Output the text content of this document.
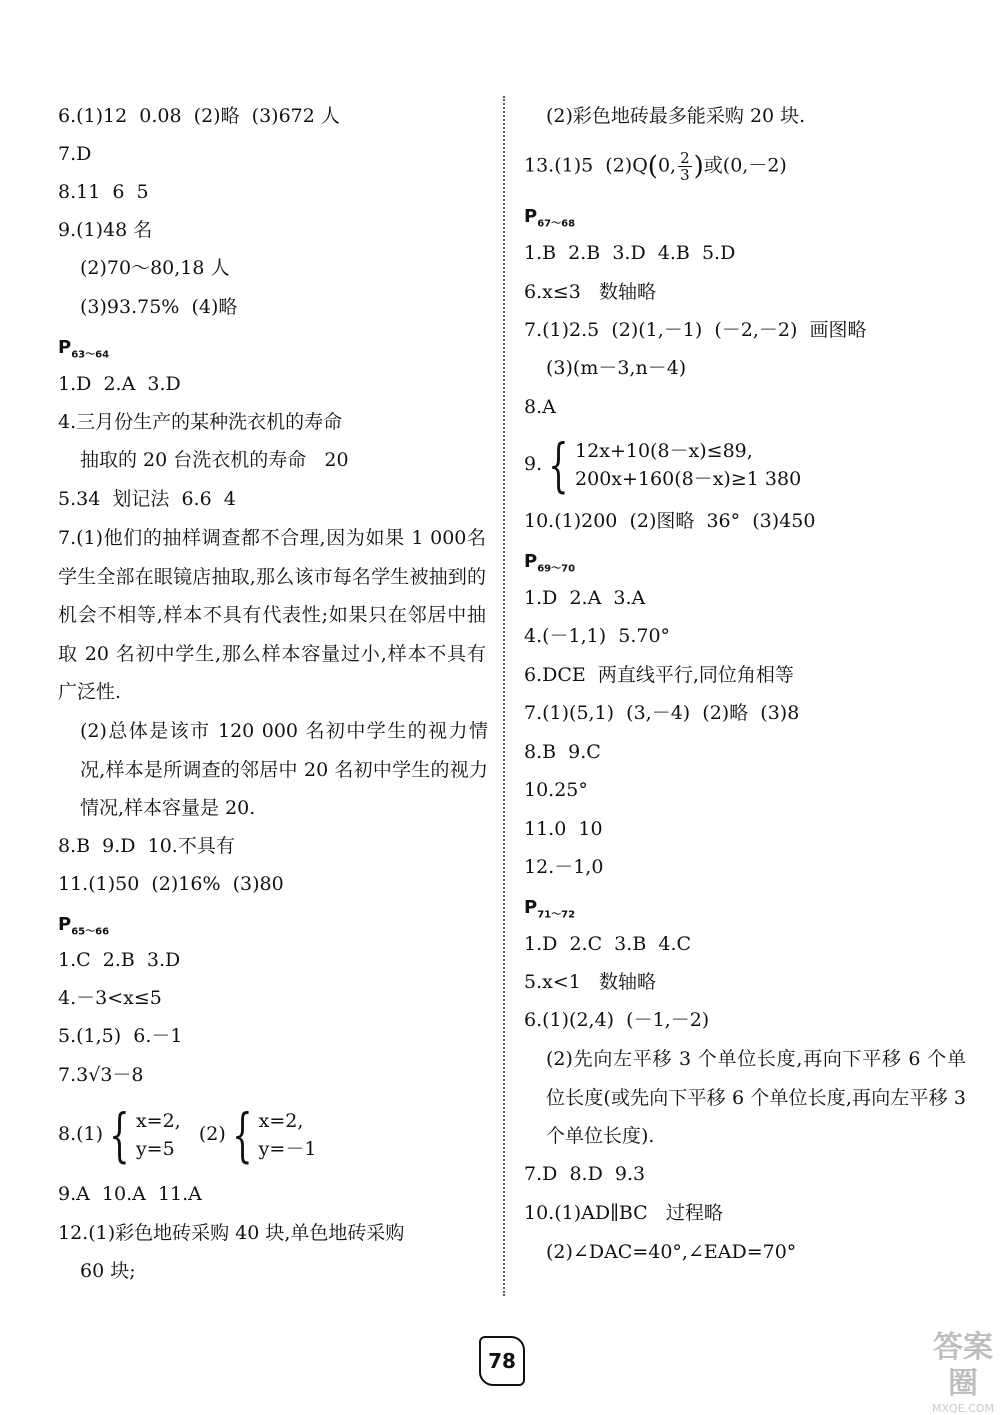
6.(1)12  0.08  (2)略  (3)672 人
7.D
8.11  6  5
9.(1)48 名
(2)70～80,18 人
(3)93.75%  (4)略
$P_{63\sim 64}$
1.D  2.A  3.D
4.三月份生产的某种洗衣机的寿命
抽取的 20 台洗衣机的寿命   20
5.34  划记法  6.6  4
7.(1)他们的抽样调查都不合理,因为如果 1 000名学生全部在眼镜店抽取,那么该市每名学生被抽到的机会不相等,样本不具有代表性;如果只在邻居中抽取 20 名初中学生,那么样本容量过小,样本不具有广泛性.
(2)总体是该市 120 000 名初中学生的视力情况,样本是所调查的邻居中 20 名初中学生的视力情况,样本容量是 20.
8.B  9.D  10.不具有
11.(1)50  (2)16%  (3)80
$P_{65\sim 66}$
1.C  2.B  3.D
4.－3<x≤5
5.(1,5)  6.－1
7.3√3－8
8.(1) { x=2,
y=5   (2) { x=2,
y=－1
9.A  10.A  11.A
12.(1)彩色地砖采购 40 块,单色地砖采购
60 块;
(2)彩色地砖最多能采购 20 块.
13.(1)5  (2)Q(0, $\frac{2}{3}$ )或(0,－2)
$P_{67\sim 68}$
1.B  2.B  3.D  4.B  5.D
6.x≤3   数轴略
7.(1)2.5  (2)(1,－1)  (－2,－2)  画图略
(3)(m－3,n－4)
8.A
9. { 12x+10(8－x)≤89,
200x+160(8－x)≥1 380
10.(1)200  (2)图略  36°  (3)450
$P_{69\sim 70}$
1.D  2.A  3.A
4.(－1,1)  5.70°
6.DCE  两直线平行,同位角相等
7.(1)(5,1)  (3,－4)  (2)略  (3)8
8.B  9.C
10.25°
11.0  10
12.－1,0
$P_{71\sim 72}$
1.D  2.C  3.B  4.C
5.x<1   数轴略
6.(1)(2,4)  (－1,－2)
(2)先向左平移 3 个单位长度,再向下平移 6 个单位长度(或先向下平移 6 个单位长度,再向左平移 3 个单位长度).
7.D  8.D  9.3
10.(1)AD∥BC   过程略
(2)∠DAC=40°,∠EAD=70°
78	答案圈
MXQE.COM
